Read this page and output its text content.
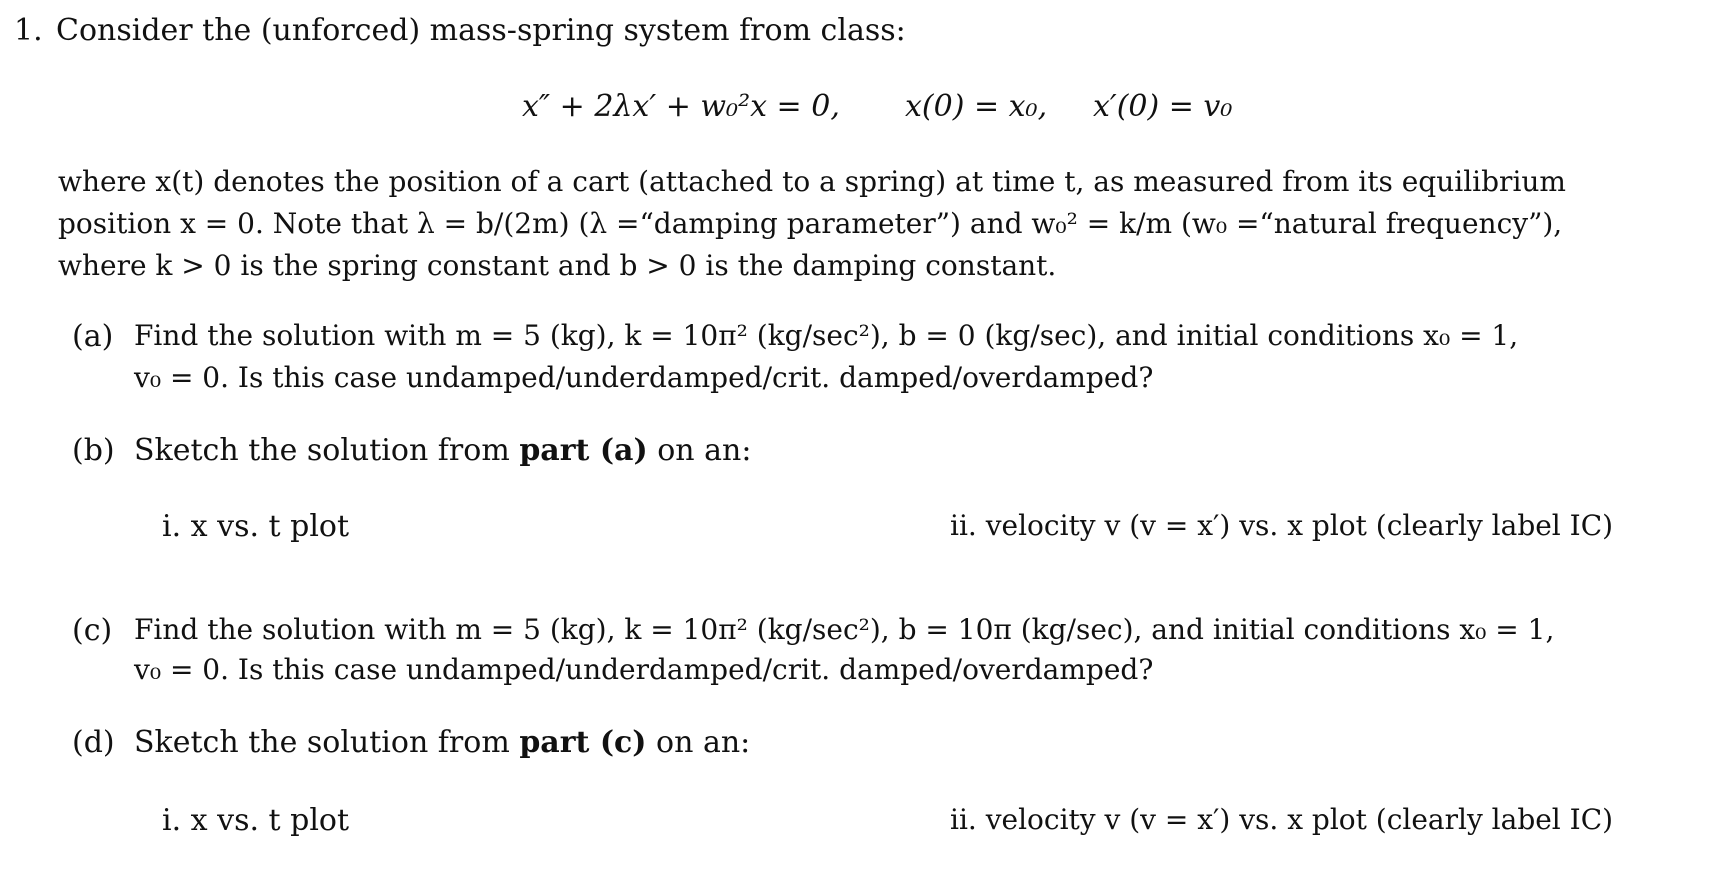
1. Consider the (unforced) mass-spring system from class:
x″ + 2λx′ + w₀²x = 0, x(0) = x₀, x′(0) = v₀
where x(t) denotes the position of a cart (attached to a spring) at time t, as measured from its equilibrium
position x = 0. Note that λ = b/(2m) (λ =“damping parameter”) and w₀² = k/m (w₀ =“natural frequency”),
where k > 0 is the spring constant and b > 0 is the damping constant.
(a) Find the solution with m = 5 (kg), k = 10π² (kg/sec²), b = 0 (kg/sec), and initial conditions x₀ = 1,
v₀ = 0. Is this case undamped/underdamped/crit. damped/overdamped?
(b) Sketch the solution from part (a) on an:
i. x vs. t plot	ii. velocity v (v = x′) vs. x plot (clearly label IC)
(c) Find the solution with m = 5 (kg), k = 10π² (kg/sec²), b = 10π (kg/sec), and initial conditions x₀ = 1,
v₀ = 0. Is this case undamped/underdamped/crit. damped/overdamped?
(d) Sketch the solution from part (c) on an:
i. x vs. t plot	ii. velocity v (v = x′) vs. x plot (clearly label IC)
